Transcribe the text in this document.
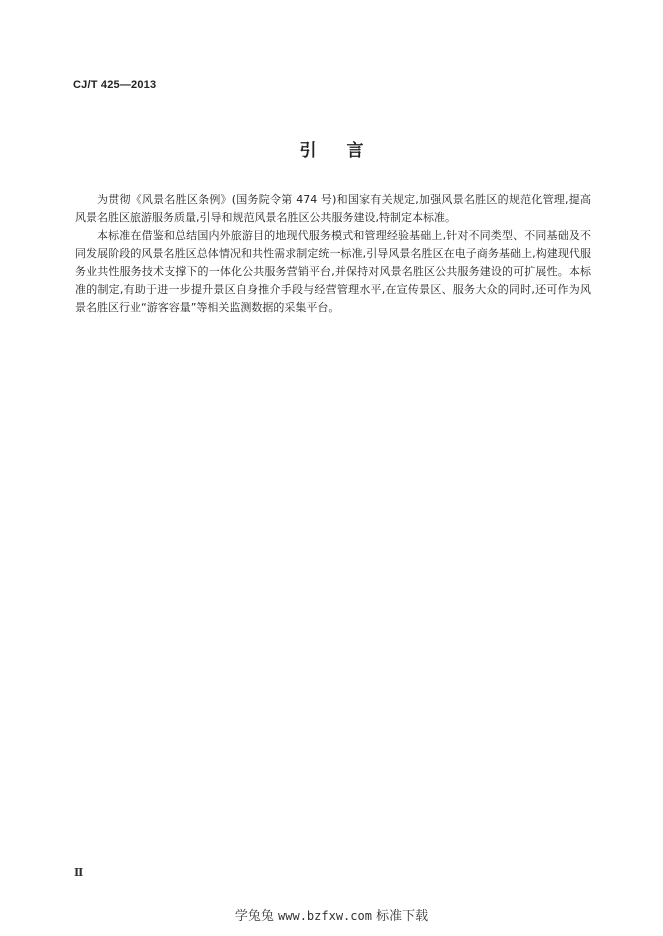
CJ/T 425—2013
引言

为贯彻《风景名胜区条例》(国务院令第 474 号)和国家有关规定,加强风景名胜区的规范化管理,提高风景名胜区旅游服务质量,引导和规范风景名胜区公共服务建设,特制定本标准。

本标准在借鉴和总结国内外旅游目的地现代服务模式和管理经验基础上,针对不同类型、不同基础及不同发展阶段的风景名胜区总体情况和共性需求制定统一标准,引导风景名胜区在电子商务基础上,构建现代服务业共性服务技术支撑下的一体化公共服务营销平台,并保持对风景名胜区公共服务建设的可扩展性。本标准的制定,有助于进一步提升景区自身推介手段与经营管理水平,在宣传景区、服务大众的同时,还可作为风景名胜区行业“游客容量”等相关监测数据的采集平台。

Ⅱ
学兔兔 www.bzfxw.com 标准下载
